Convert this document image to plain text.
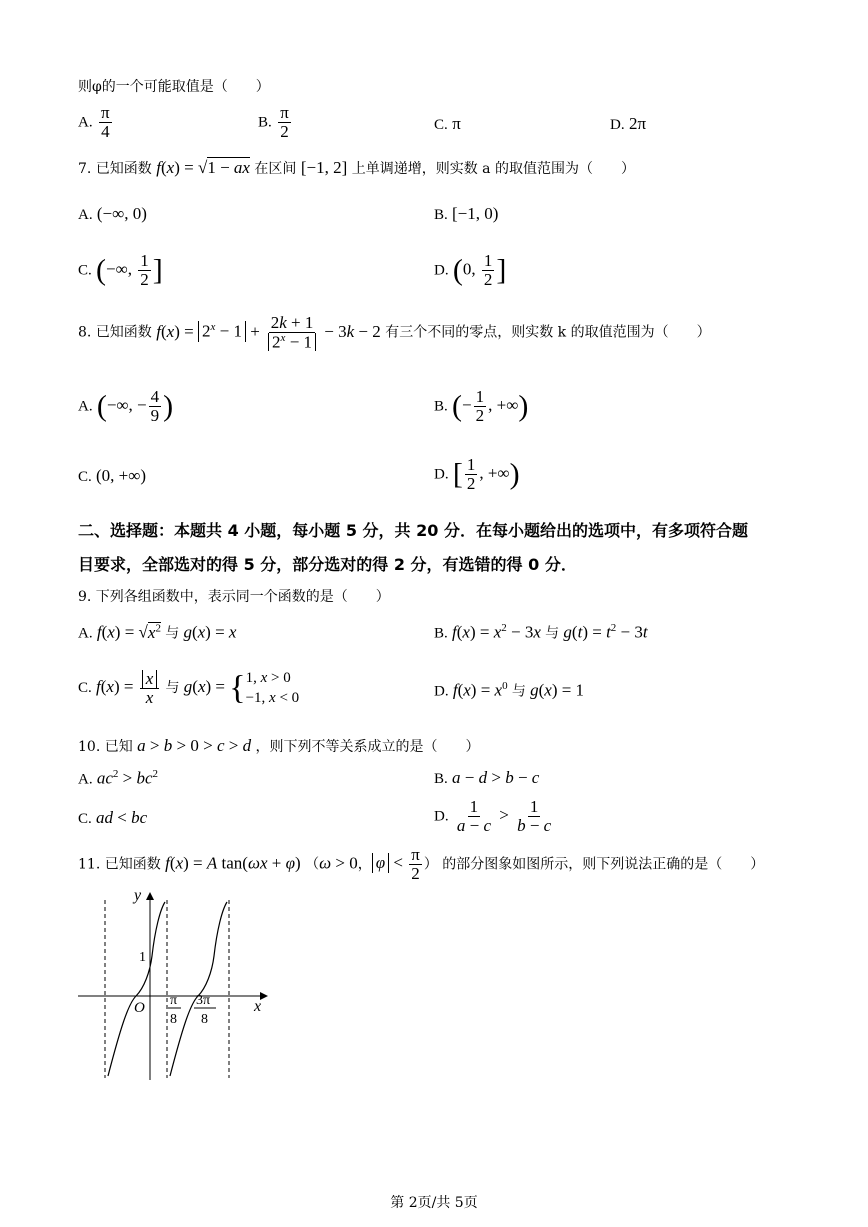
则φ的一个可能取值是（　　）
A. $\frac{\pi}{4}$	B. $\frac{\pi}{2}$	C. π	D. 2π
7. 已知函数 f(x) = √1 − ax 在区间 [−1, 2] 上单调递增，则实数 a 的取值范围为（　　）
A. (−∞, 0)	B. [−1, 0)
C. (−∞, $\frac{1}{2}$ ]	D. (0, $\frac{1}{2}$ ]
8. 已知函数 $f(x) = 2^x - 1 + \frac{2k + 1}{2^x - 1} - 3k - 2$ 有三个不同的零点，则实数 k 的取值范围为（　　）
A. (−∞, − $\frac{4}{9}$ )	B. (− $\frac{1}{2}$ , +∞)
C. (0, +∞)	D. [ $\frac{1}{2}$ , +∞)
二、选择题：本题共 4 小题，每小题 5 分，共 20 分．在每小题给出的选项中，有多项符合题
目要求，全部选对的得 5 分，部分选对的得 2 分，有选错的得 0 分．
9. 下列各组函数中，表示同一个函数的是（　　）
A. $f(x) = √x^2$ 与 g(x) = x	B. $f(x) = x^2 - 3x$ 与 $g(t) = t^2 - 3t$
C. $f(x) = \frac{x}{x}$ 与 g(x) = { 1, x > 0
−1, x < 0	D. $f(x) = x^0$ 与 g(x) = 1
10. 已知 a > b > 0 > c > d ，则下列不等关系成立的是（　　）
A. $ac^2 > bc^2$	B. a − d > b − c
C. ad < bc	D. $\frac{1}{a - c} > \frac{1}{b - c}$
11. 已知函数 f(x) = A tan(ωx + φ) （ω > 0， $\varphi < \frac{\pi}{2}$ ） 的部分图象如图所示，则下列说法正确的是（　　）
y
x
O
1
π
8
3π
8
第 2页/共 5页
